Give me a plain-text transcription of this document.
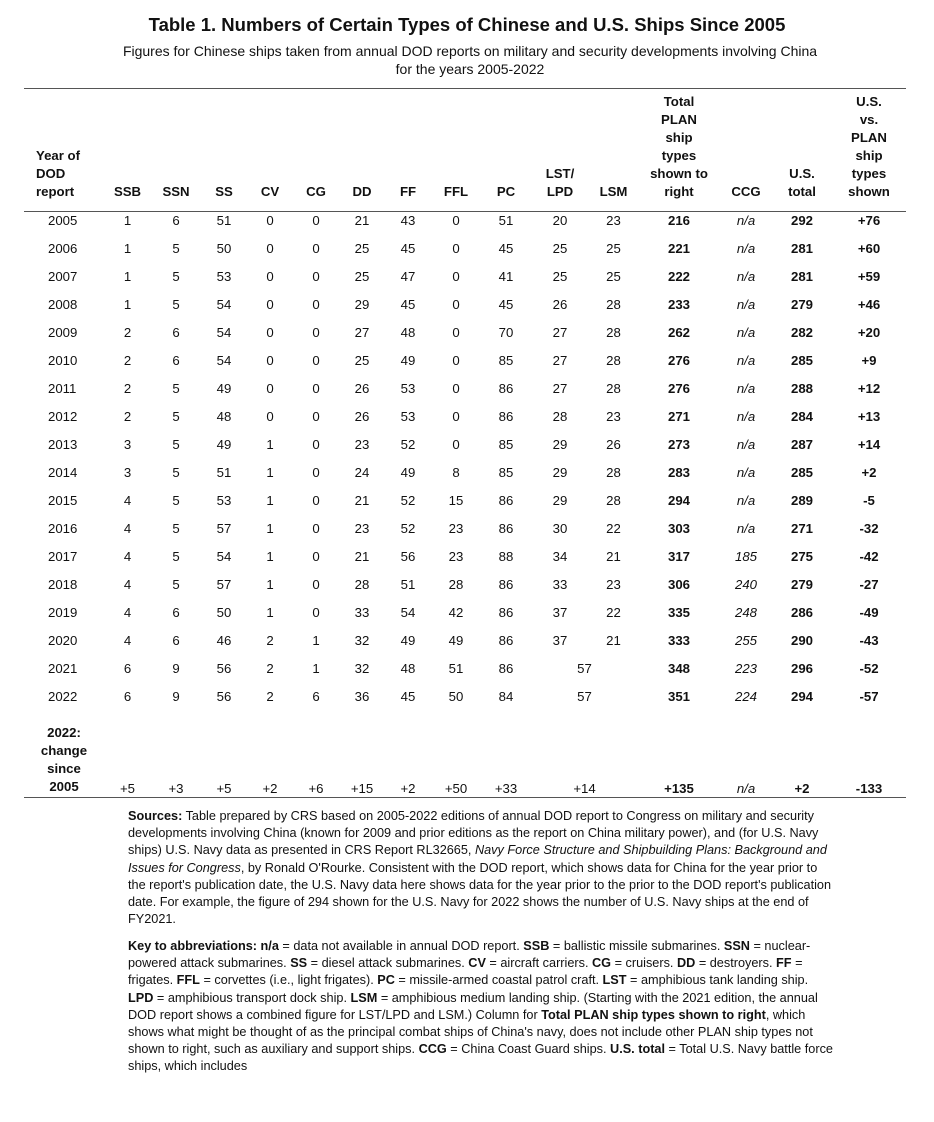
Table 1. Numbers of Certain Types of Chinese and U.S. Ships Since 2005
Figures for Chinese ships taken from annual DOD reports on military and security developments involving China for the years 2005-2022
Year of DOD report	SSB	SSN	SS	CV	CG	DD	FF	FFL	PC	LST/ LPD	LSM	Total PLAN ship types shown to right	CCG	U.S. total	U.S. vs. PLAN ship types shown

2005	1	6	51	0	0	21	43	0	51	20	23	216	n/a	292	+76
2006	1	5	50	0	0	25	45	0	45	25	25	221	n/a	281	+60
2007	1	5	53	0	0	25	47	0	41	25	25	222	n/a	281	+59
2008	1	5	54	0	0	29	45	0	45	26	28	233	n/a	279	+46
2009	2	6	54	0	0	27	48	0	70	27	28	262	n/a	282	+20
2010	2	6	54	0	0	25	49	0	85	27	28	276	n/a	285	+9
2011	2	5	49	0	0	26	53	0	86	27	28	276	n/a	288	+12
2012	2	5	48	0	0	26	53	0	86	28	23	271	n/a	284	+13
2013	3	5	49	1	0	23	52	0	85	29	26	273	n/a	287	+14
2014	3	5	51	1	0	24	49	8	85	29	28	283	n/a	285	+2
2015	4	5	53	1	0	21	52	15	86	29	28	294	n/a	289	-5
2016	4	5	57	1	0	23	52	23	86	30	22	303	n/a	271	-32
2017	4	5	54	1	0	21	56	23	88	34	21	317	185	275	-42
2018	4	5	57	1	0	28	51	28	86	33	23	306	240	279	-27
2019	4	6	50	1	0	33	54	42	86	37	22	335	248	286	-49
2020	4	6	46	2	1	32	49	49	86	37	21	333	255	290	-43
2021	6	9	56	2	1	32	48	51	86	57		348	223	296	-52
2022	6	9	56	2	6	36	45	50	84	57		351	224	294	-57

2022:
change
since
2005	+5	+3	+5	+2	+6	+15	+2	+50	+33	+14		+135	n/a	+2	-133
Sources: Table prepared by CRS based on 2005-2022 editions of annual DOD report to Congress on military and security developments involving China (known for 2009 and prior editions as the report on China military power), and (for U.S. Navy ships) U.S. Navy data as presented in CRS Report RL32665, Navy Force Structure and Shipbuilding Plans: Background and Issues for Congress, by Ronald O'Rourke. Consistent with the DOD report, which shows data for China for the year prior to the report's publication date, the U.S. Navy data here shows data for the year prior to the prior to the DOD report's publication date. For example, the figure of 294 shown for the U.S. Navy for 2022 shows the number of U.S. Navy ships at the end of FY2021.
Key to abbreviations: n/a = data not available in annual DOD report. SSB = ballistic missile submarines. SSN = nuclear-powered attack submarines. SS = diesel attack submarines. CV = aircraft carriers. CG = cruisers. DD = destroyers. FF = frigates. FFL = corvettes (i.e., light frigates). PC = missile-armed coastal patrol craft. LST = amphibious tank landing ship. LPD = amphibious transport dock ship. LSM = amphibious medium landing ship. (Starting with the 2021 edition, the annual DOD report shows a combined figure for LST/LPD and LSM.) Column for Total PLAN ship types shown to right, which shows what might be thought of as the principal combat ships of China's navy, does not include other PLAN ship types not shown to right, such as auxiliary and support ships. CCG = China Coast Guard ships. U.S. total = Total U.S. Navy battle force ships, which includes
